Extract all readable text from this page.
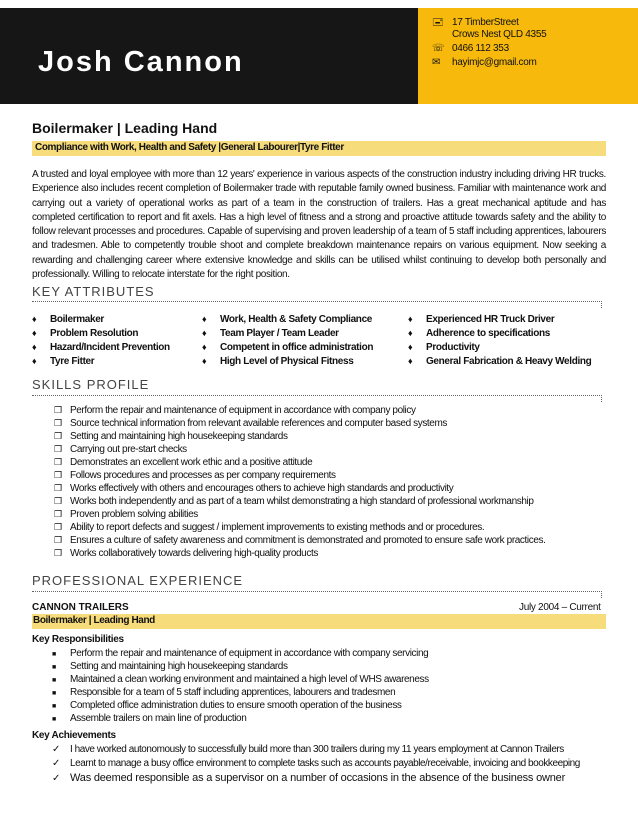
Josh Cannon
🖃 17 TimberStreet
Crows Nest QLD 4355
☏ 0466 112 353
✉ hayimjc@gmail.com
Boilermaker | Leading Hand
Compliance with Work, Health and Safety |General Labourer|Tyre Fitter
A trusted and loyal employee with more than 12 years' experience in various aspects of the construction industry including driving HR trucks. Experience also includes recent completion of Boilermaker trade with reputable family owned business. Familiar with maintenance work and carrying out a variety of operational works as part of a team in the construction of trailers. Has a great mechanical aptitude and has completed certification to report and fit axels. Has a high level of fitness and a strong and proactive attitude towards safety and the ability to follow relevant processes and procedures. Capable of supervising and proven leadership of a team of 5 staff including apprentices, labourers and tradesmen. Able to competently trouble shoot and complete breakdown maintenance repairs on various equipment. Now seeking a rewarding and challenging career where extensive knowledge and skills can be utilised whilst continuing to develop both personally and professionally. Willing to relocate interstate for the right position.
KEY ATTRIBUTES
♦ Boilermaker
♦ Problem Resolution
♦ Hazard/Incident Prevention
♦ Tyre Fitter
♦ Work, Health & Safety Compliance
♦ Team Player / Team Leader
♦ Competent in office administration
♦ High Level of Physical Fitness
♦ Experienced HR Truck Driver
♦ Adherence to specifications
♦ Productivity
♦ General Fabrication & Heavy Welding
SKILLS PROFILE
❒ Perform the repair and maintenance of equipment in accordance with company policy
❒ Source technical information from relevant available references and computer based systems
❒ Setting and maintaining high housekeeping standards
❒ Carrying out pre-start checks
❒ Demonstrates an excellent work ethic and a positive attitude
❒ Follows procedures and processes as per company requirements
❒ Works effectively with others and encourages others to achieve high standards and productivity
❒ Works both independently and as part of a team whilst demonstrating a high standard of professional workmanship
❒ Proven problem solving abilities
❒ Ability to report defects and suggest / implement improvements to existing methods and or procedures.
❒ Ensures a culture of safety awareness and commitment is demonstrated and promoted to ensure safe work practices.
❒ Works collaboratively towards delivering high-quality products
PROFESSIONAL EXPERIENCE
CANNON TRAILERS	July 2004 – Current
Boilermaker | Leading Hand
Key Responsibilities
■ Perform the repair and maintenance of equipment in accordance with company servicing
■ Setting and maintaining high housekeeping standards
■ Maintained a clean working environment and maintained a high level of WHS awareness
■ Responsible for a team of 5 staff including apprentices, labourers and tradesmen
■ Completed office administration duties to ensure smooth operation of the business
■ Assemble trailers on main line of production
Key Achievements
✓ I have worked autonomously to successfully build more than 300 trailers during my 11 years employment at Cannon Trailers
✓ Learnt to manage a busy office environment to complete tasks such as accounts payable/receivable, invoicing and bookkeeping
✓ Was deemed responsible as a supervisor on a number of occasions in the absence of the business owner
